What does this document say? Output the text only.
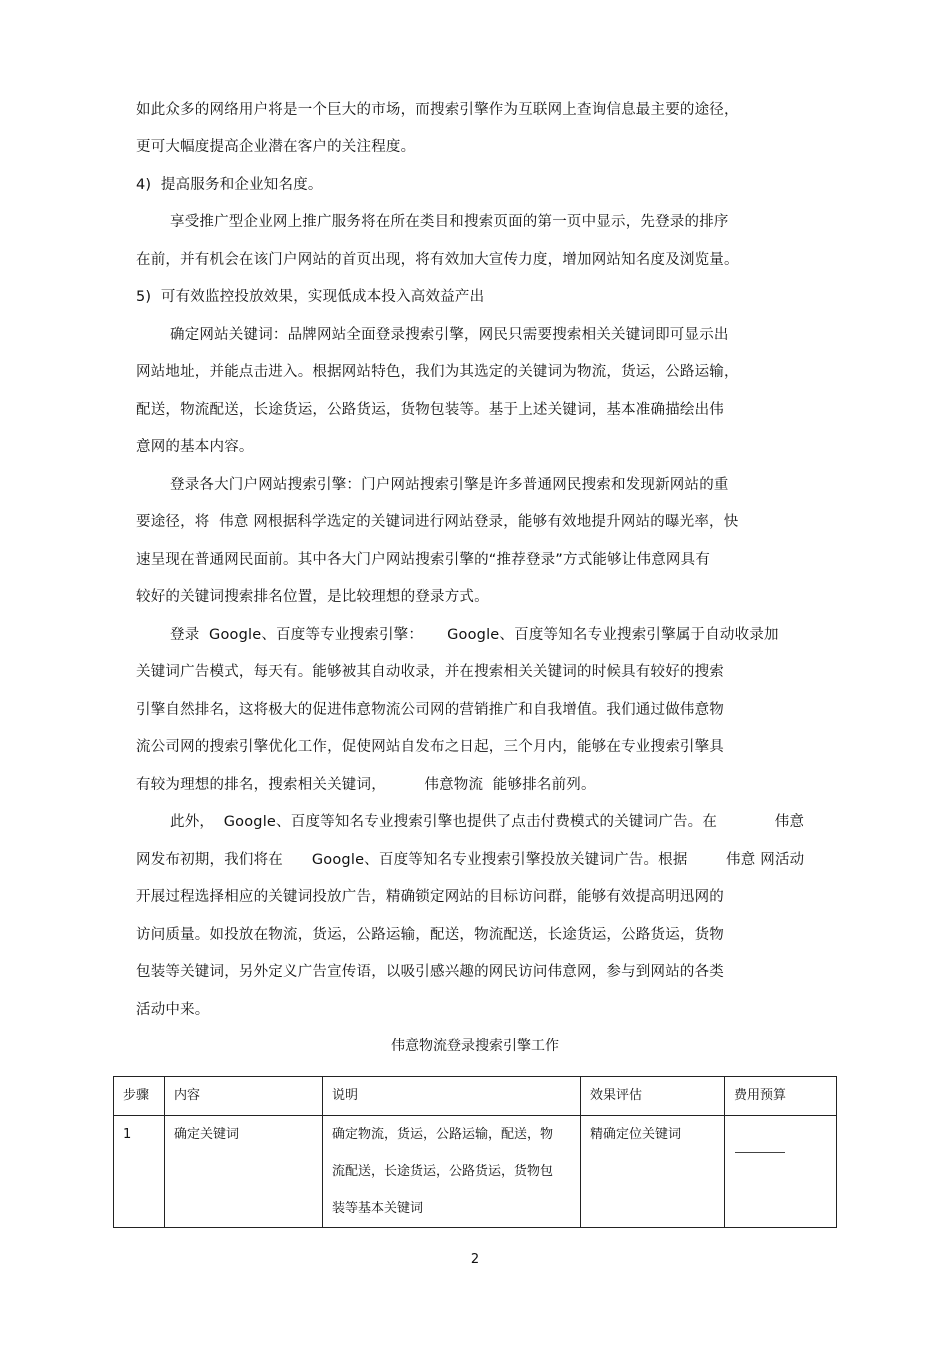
如此众多的网络用户将是一个巨大的市场，而搜索引擎作为互联网上查询信息最主要的途径，
更可大幅度提高企业潜在客户的关注程度。
4)  提高服务和企业知名度。
享受推广型企业网上推广服务将在所在类目和搜索页面的第一页中显示，先登录的排序
在前，并有机会在该门户网站的首页出现，将有效加大宣传力度，增加网站知名度及浏览量。
5)  可有效监控投放效果，实现低成本投入高效益产出
确定网站关键词：品牌网站全面登录搜索引擎，网民只需要搜索相关关键词即可显示出
网站地址，并能点击进入。根据网站特色，我们为其选定的关键词为物流，货运，公路运输，
配送，物流配送，长途货运，公路货运，货物包装等。基于上述关键词，基本准确描绘出伟
意网的基本内容。
登录各大门户网站搜索引擎：门户网站搜索引擎是许多普通网民搜索和发现新网站的重
要途径，将  伟意 网根据科学选定的关键词进行网站登录，能够有效地提升网站的曝光率，快
速呈现在普通网民面前。其中各大门户网站搜索引擎的“推荐登录”方式能够让伟意网具有
较好的关键词搜索排名位置，是比较理想的登录方式。
登录  Google、百度等专业搜索引擎：     Google、百度等知名专业搜索引擎属于自动收录加
关键词广告模式，每天有。能够被其自动收录，并在搜索相关关键词的时候具有较好的搜索
引擎自然排名，这将极大的促进伟意物流公司网的营销推广和自我增值。我们通过做伟意物
流公司网的搜索引擎优化工作，促使网站自发布之日起，三个月内，能够在专业搜索引擎具
有较为理想的排名，搜索相关关键词，        伟意物流  能够排名前列。
此外，  Google、百度等知名专业搜索引擎也提供了点击付费模式的关键词广告。在            伟意
网发布初期，我们将在      Google、百度等知名专业搜索引擎投放关键词广告。根据        伟意 网活动
开展过程选择相应的关键词投放广告，精确锁定网站的目标访问群，能够有效提高明迅网的
访问质量。如投放在物流，货运，公路运输，配送，物流配送，长途货运，公路货运，货物
包装等关键词，另外定义广告宣传语，以吸引感兴趣的网民访问伟意网，参与到网站的各类
活动中来。
伟意物流登录搜索引擎工作
步骤	内容	说明	效果评估	费用预算
1	确定关键词	确定物流，货运，公路运输，配送，物
流配送，长途货运，公路货运，货物包
装等基本关键词	精确定位关键词	
2
